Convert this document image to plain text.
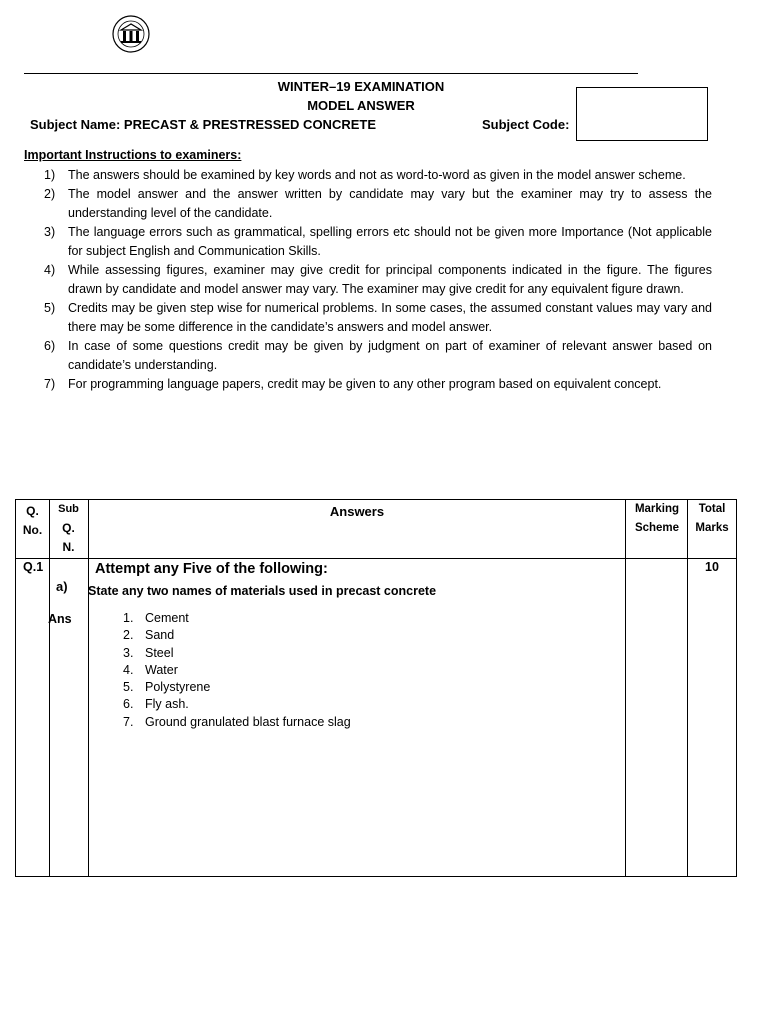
WINTER–19 EXAMINATION
MODEL ANSWER
Subject Name: PRECAST & PRESTRESSED CONCRETE	Subject Code:
Important Instructions to examiners:
1) The answers should be examined by key words and not as word-to-word as given in the model answer scheme.
2) The model answer and the answer written by candidate may vary but the examiner may try to assess the understanding level of the candidate.
3) The language errors such as grammatical, spelling errors etc should not be given more Importance (Not applicable for subject English and Communication Skills.
4) While assessing figures, examiner may give credit for principal components indicated in the figure. The figures drawn by candidate and model answer may vary. The examiner may give credit for any equivalent figure drawn.
5) Credits may be given step wise for numerical problems. In some cases, the assumed constant values may vary and there may be some difference in the candidate’s answers and model answer.
6) In case of some questions credit may be given by judgment on part of examiner of relevant answer based on candidate’s understanding.
7) For programming language papers, credit may be given to any other program based on equivalent concept.
Q.
No.
Sub
Q.
N.
Answers	Marking
Scheme
Total
Marks
Q.1
a)
Ans
Attempt any Five of the following:
State any two names of materials used in precast concrete
10
1. Cement
2. Sand
3. Steel
4. Water
5. Polystyrene
6. Fly ash.
7. Ground granulated blast furnace slag
